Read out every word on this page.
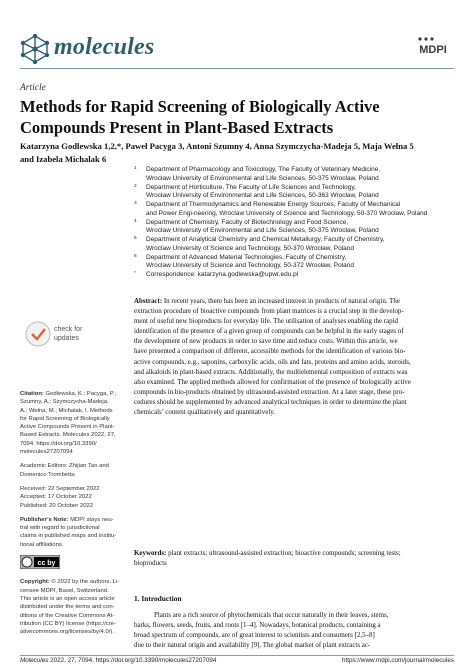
molecules	MDPI
Article
Methods for Rapid Screening of Biologically Active
Compounds Present in Plant-Based Extracts
Katarzyna Godlewska 1,2,*, Paweł Pacyga 3, Antoni Szumny 4, Anna Szymczycha-Madeja 5, Maja Wełna 5
and Izabela Michalak 6
1 Department of Pharmacology and Toxicology, The Faculty of Veterinary Medicine,
Wrocław University of Environmental and Life Sciences, 50-375 Wrocław, Poland
2 Department of Horticulture, The Faculty of Life Sciences and Technology,
Wrocław University of Environmental and Life Sciences, 50-363 Wrocław, Poland
3 Department of Thermodynamics and Renewable Energy Sources, Faculty of Mechanical
and Power Engi-neering, Wroclaw University of Science and Technology, 50-370 Wrocław, Poland
4 Department of Chemistry, Faculty of Biotechnology and Food Science,
Wrocław University of Environmental and Life Sciences, 50-375 Wrocław, Poland
5 Department of Analytical Chemistry and Chemical Metallurgy, Faculty of Chemistry,
Wroclaw University of Science and Technology, 50-370 Wrocław, Poland
6 Department of Advanced Material Technologies, Faculty of Chemistry,
Wroclaw University of Science and Technology, 50-372 Wrocław, Poland
* Correspondence: katarzyna.godlewska@upwr.edu.pl
check for
updates
Citation: Godlewska, K.; Pacyga, P.;
Szumny, A.; Szymczycha-Madeja,
A.; Wełna, M.; Michalak, I. Methods
for Rapid Screening of Biologically
Active Compounds Present in Plant-
Based Extracts. Molecules 2022, 27,
7094. https://doi.org/10.3390/
molecules27207094
Academic Editors: Zhijian Tan and
Domenico Trombetta
Received: 22 September 2022
Accepted: 17 October 2022
Published: 20 October 2022
Publisher’s Note: MDPI stays neu-
tral with regard to jurisdictional
claims in published maps and institu-
tional affiliations.
cc by
Copyright: © 2022 by the authors. Li-
censee MDPI, Basel, Switzerland.
This article is an open access article
distributed under the terms and con-
ditions of the Creative Commons At-
tribution (CC BY) license (https://cre-
ativecommons.org/licenses/by/4.0/).
Abstract: In recent years, there has been an increased interest in products of natural origin. The
extraction procedure of bioactive compounds from plant matrices is a crucial step in the develop-
ment of useful new bioproducts for everyday life. The utilisation of analyses enabling the rapid
identification of the presence of a given group of compounds can be helpful in the early stages of
the development of new products in order to save time and reduce costs. Within this article, we
have presented a comparison of different, accessible methods for the identification of various bio-
active compounds, e.g., saponins, carboxylic acids, oils and fats, proteins and amino acids, steroids,
and alkaloids in plant-based extracts. Additionally, the multielemental composition of extracts was
also examined. The applied methods allowed for confirmation of the presence of biologically active
compounds in bio-products obtained by ultrasound-assisted extraction. At a later stage, these pro-
cedures should be supplemented by advanced analytical techniques in order to determine the plant
chemicals’ content qualitatively and quantitatively.
Keywords: plant extracts; ultrasound-assisted extraction; bioactive compounds; screening tests;
bioproducts
1. Introduction
Plants are a rich source of phytochemicals that occur naturally in their leaves, stems,
barks, flowers, seeds, fruits, and roots [1–4]. Nowadays, botanical products, containing a
broad spectrum of compounds, are of great interest to scientists and consumers [2,5–8]
due to their natural origin and availability [9]. The global market of plant extracts ac-
Molecules 2022, 27, 7094. https://doi.org/10.3390/molecules27207094	https://www.mdpi.com/journal/molecules
